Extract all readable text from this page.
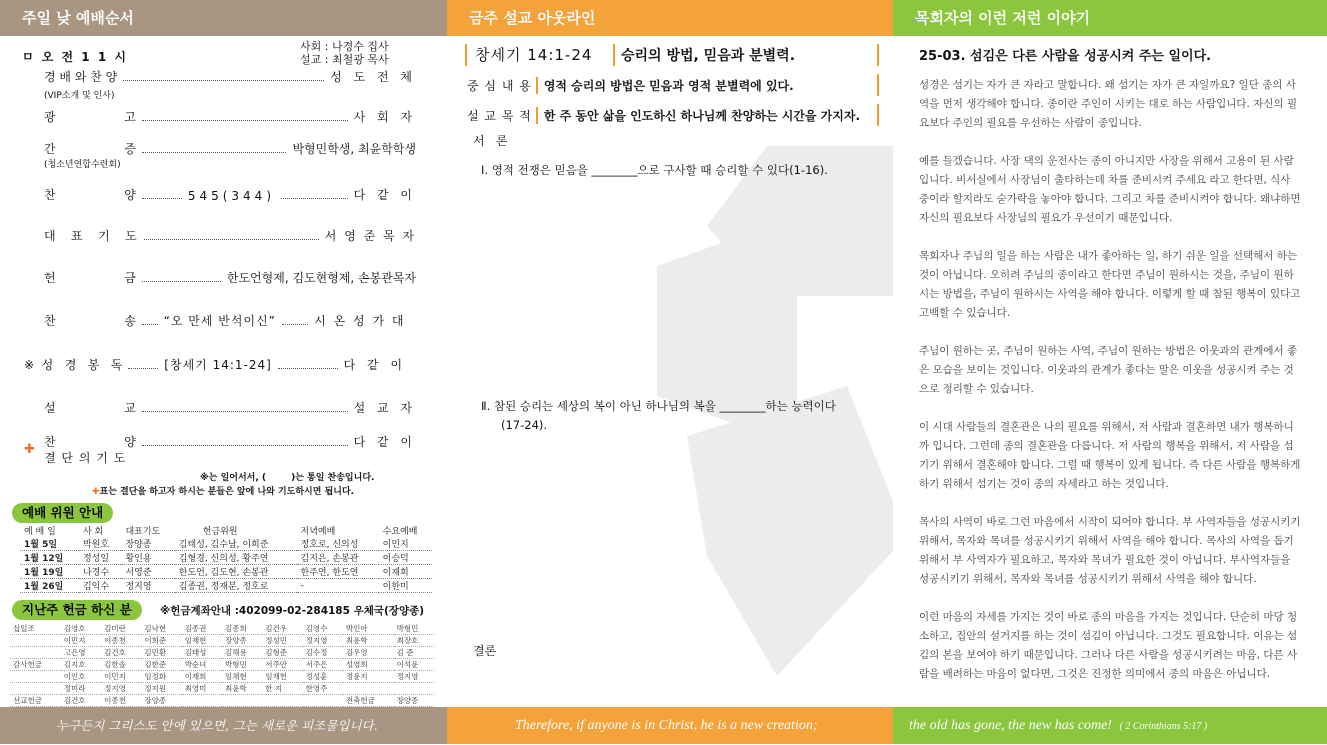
주일 낮 예배순서	금주 설교 아웃라인	목회자의 이런 저런 이야기
ㅁ 오 전 1 1 시
사회 : 나경수 집사
설교 : 최철광 목사
경 배 와 찬 양	성 도 전 체
(VIP소개 및 인사)
광                  고	사 회 자
간                  증	박형민학생, 최윤학학생
(청소년연합수련회)
찬                  양	545(344)	다 같 이
대   표   기   도	서 영 준 목 자
헌                  금	한도언형제, 김도현형제, 손봉관목자
찬                  송 “오 만세 반석이신”	시 온 성 가 대
※  성   경   봉   독	[창세기 14:1-24]	다 같 이
설                  교	설 교 자
✚ 찬                  양	다 같 이
결 단 의 기 도
※는 일어서서, (        )는 통일 찬송입니다.
✚표는 결단을 하고자 하시는 분들은 앞에 나와 기도하시면 됩니다.
예배 위원 안내
예 배 일	사 회	대표기도	헌금위원	저녁예배	수요예배
1월 5일	박원호	장양종	김태성, 김수남, 이희준	정호로, 신의성	이민지
1월 12일	정성일	황인용	김형경, 신의성, 황주연	김지은, 손봉관	이승덕
1월 19일	나경수	서영준	한도언, 김도현, 손봉관	한주연, 한도연	이재희
1월 26일	김익수	정지영	김종권, 정재분, 정호로	-	이한미
지난주 헌금 하신 분	※헌금계좌안내 :402099-02-284185 우체국(장양종)
십일조	김영호	김미란	김낙현	김종권	김종희	김건우	김영수	박인아	박형민
	이민지	이종천	이희준	임재현	장양종	정성민	정지영	최윤학	최장호
	고은영	김건호	김민환	김태성	김해용	김형준	김수정	김우영	김 준
감사헌금	김지호	김한솔	김한준	박순녀	박형민	서주안	서주은	성영희	이석윤
	이인호	이민지	임정화	이재희	임채현	임재헌	정성훈	정윤지	정지영
	정미라	정지영	정지원	최영미	최윤학	한 지	한영주		
선교헌금	김건호	이종천	장양종					전축헌금	장양종
창세기 14:1-24 승리의 방법, 믿음과 분별력.
중 심 내 용	영적 승리의 방법은 믿음과 영적 분별력에 있다.
설 교 목 적	한 주 동안 삶을 인도하신 하나님께 찬양하는 시간을 가지자.
서   론
Ⅰ. 영적 전쟁은 믿음을 ________으로 구사할 때 승리할 수 있다(1-16).
Ⅱ. 참된 승리는 세상의 복이 아닌 하나님의 복을 ________하는 능력이다
(17-24).
결론
25-03. 섬김은 다른 사람을 성공시켜 주는 일이다.

성경은 섬기는 자가 큰 자라고 말합니다. 왜 섬기는 자가 큰 자일까요? 일단 종의 사역을 먼저 생각해야 합니다. 종이란 주인이 시키는 대로 하는 사람입니다. 자신의 필요보다 주인의 필요를 우선하는 사람이 종입니다.

예를 들겠습니다. 사장 댁의 운전사는 종이 아니지만 사장을 위해서 고용이 된 사람입니다. 비서실에서 사장님이 출타하는데 차를 준비시켜 주세요 라고 한다면, 식사 중이라 할지라도 숟가락을 놓아야 합니다. 그리고 차를 준비시켜야 합니다. 왜냐하면 자신의 필요보다 사장님의 필요가 우선이기 때문입니다.

목회자나 주님의 일을 하는 사람은 내가 좋아하는 일, 하기 쉬운 일을 선택해서 하는 것이 아닙니다. 오히려 주님의 종이라고 한다면 주님이 원하시는 것을, 주님이 원하시는 방법을, 주님이 원하시는 사역을 해야 합니다. 이렇게 할 때 참된 행복이 있다고 고백할 수 있습니다.

주님이 원하는 곳, 주님이 원하는 사역, 주님이 원하는 방법은 이웃과의 관계에서 좋은 모습을 보이는 것입니다. 이웃과의 관계가 좋다는 말은 이웃을 성공시켜 주는 것으로 정리할 수 있습니다.

이 시대 사람들의 결혼관은 나의 필요를 위해서, 저 사람과 결혼하면 내가 행복하니까 입니다. 그런데 종의 결혼관을 다릅니다. 저 사람의 행복을 위해서, 저 사람을 섬기기 위해서 결혼해야 합니다. 그럴 때 행복이 있게 됩니다. 즉 다른 사람을 행복하게 하기 위해서 섬기는 것이 종의 자세라고 하는 것입니다.

목사의 사역이 바로 그런 마음에서 시작이 되어야 합니다. 부 사역자들을 성공시키기 위해서, 목자와 목녀를 성공시키기 위해서 사역을 해야 합니다. 목사의 사역을 돕기 위해서 부 사역자가 필요하고, 목자와 목녀가 필요한 것이 아닙니다. 부사역자들을 성공시키기 위해서, 목자와 목녀를 성공시키기 위해서 사역을 해야 합니다.

이런 마음의 자세를 가지는 것이 바로 종의 마음을 가지는 것입니다. 단순히 마당 청소하고, 집안의 설거지를 하는 것이 섬김이 아닙니다. 그것도 필요합니다. 이유는 섬김의 본을 보여야 하기 때문입니다. 그러나 다른 사람을 성공시키려는 마음, 다른 사람을 배려하는 마음이 없다면, 그것은 진정한 의미에서 종의 마음은 아닙니다.

누구든지 그리스도 안에 있으면, 그는 새로운 피조물입니다.	Therefore, if anyone is in Christ, he is a new creation;	the old has gone, the new has come! ( 2 Corinthians 5:17 )
